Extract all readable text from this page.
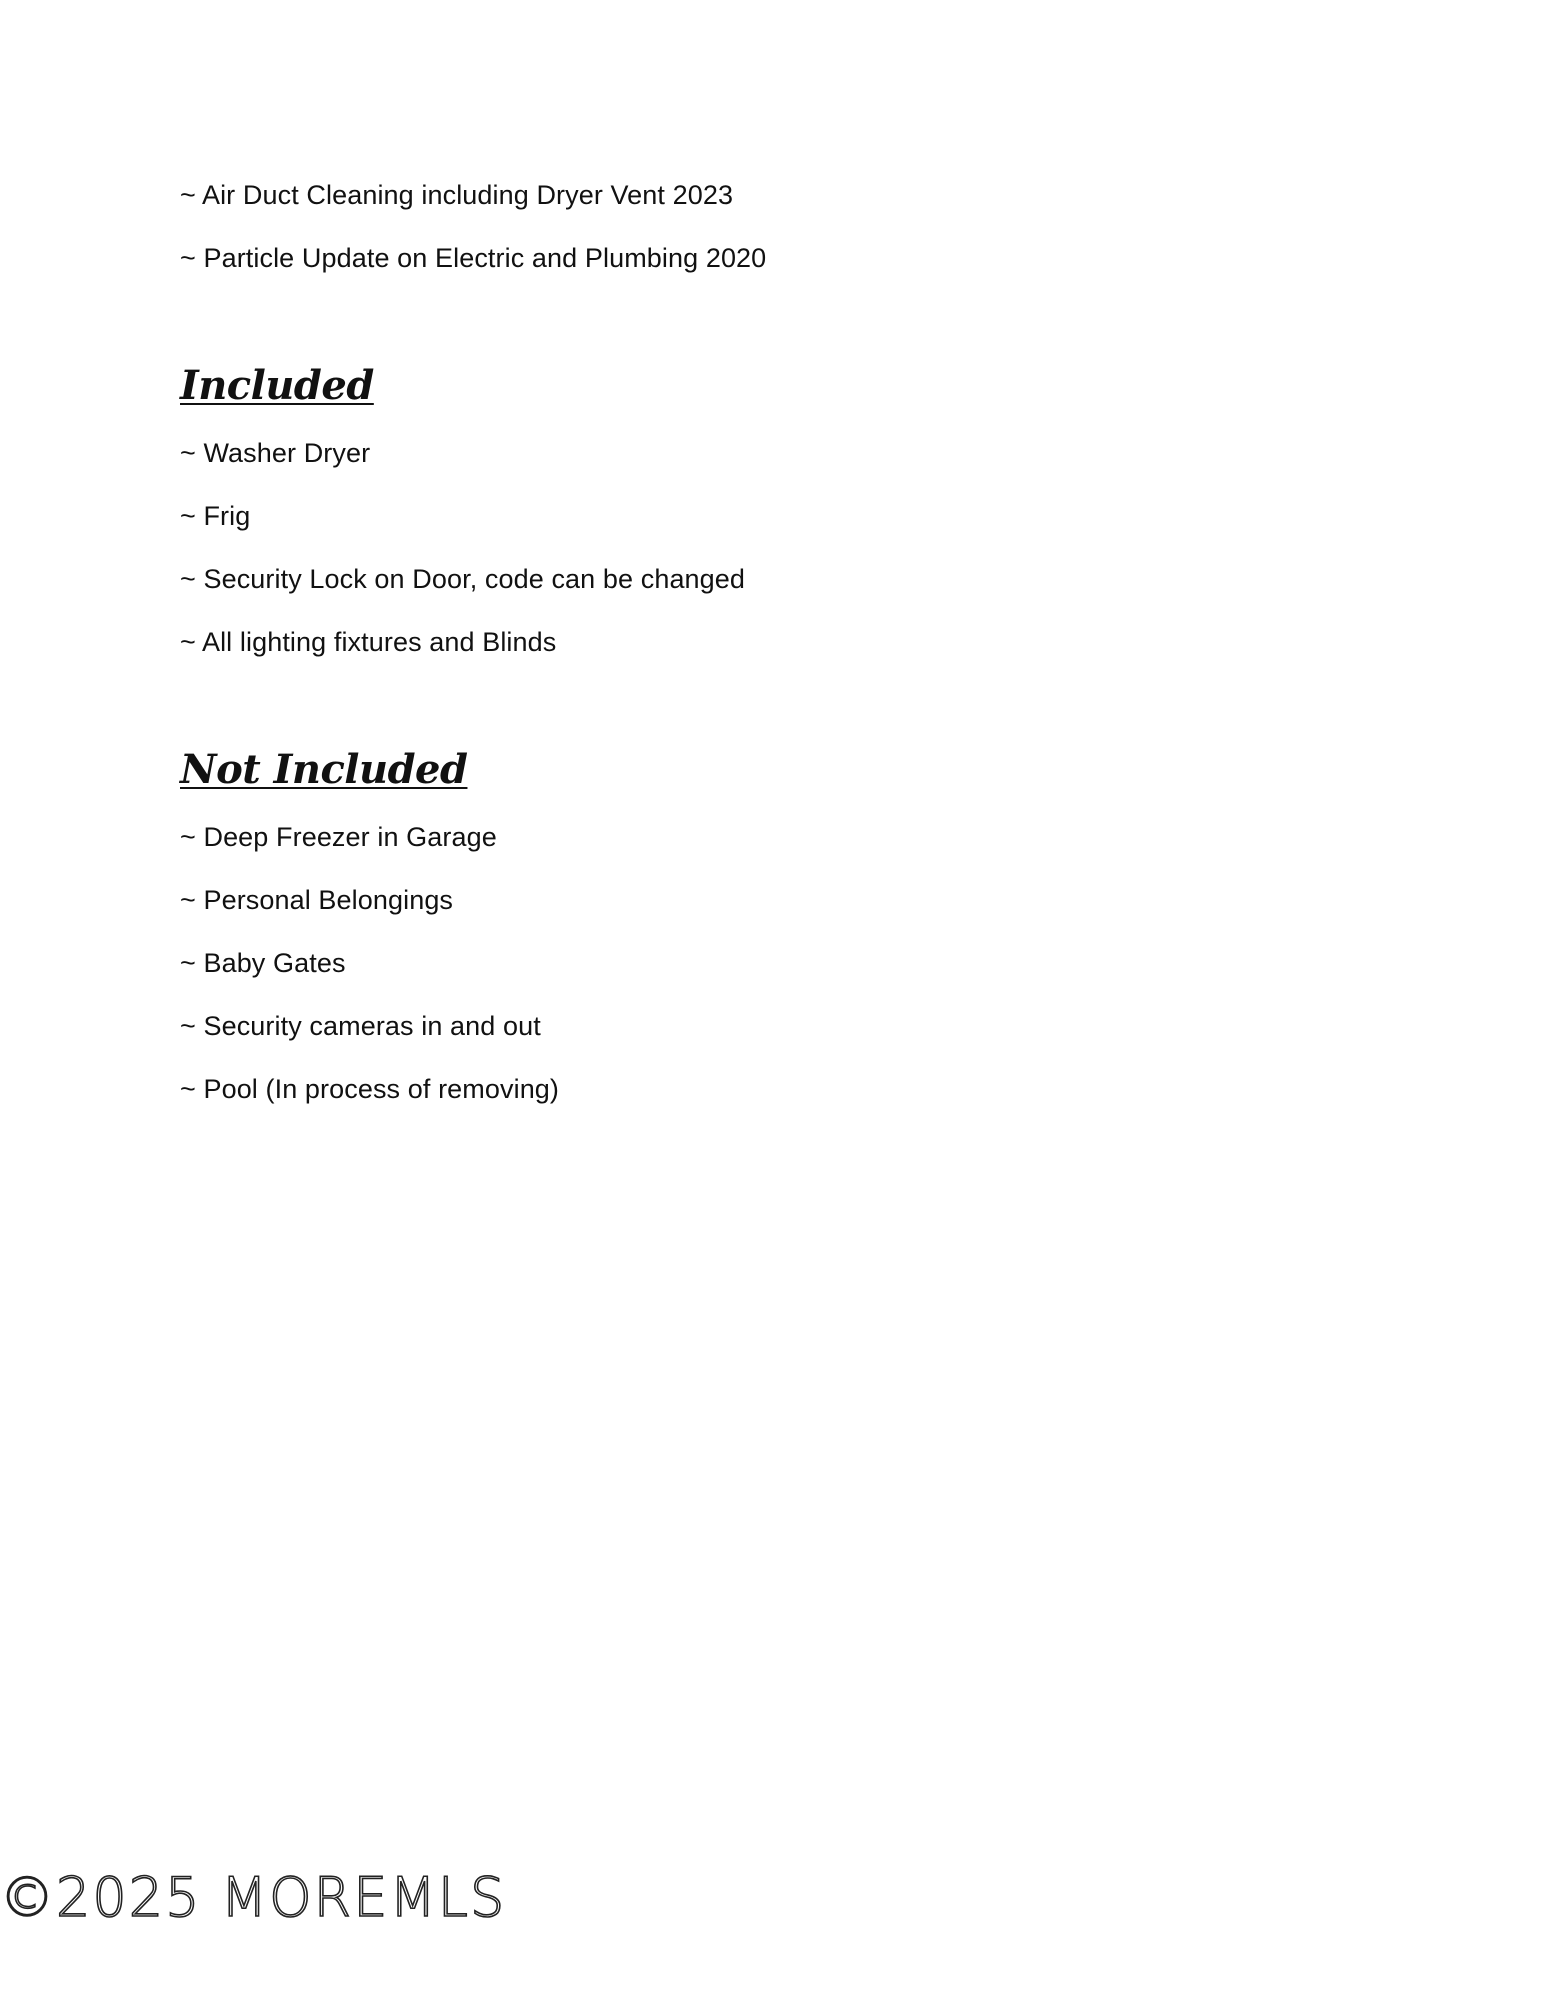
~ Air Duct Cleaning including Dryer Vent 2023
~ Particle Update on Electric and Plumbing 2020
Included
~ Washer Dryer
~ Frig
~ Security Lock on Door, code can be changed
~ All lighting fixtures and Blinds
Not Included
~ Deep Freezer in Garage
~ Personal Belongings
~ Baby Gates
~ Security cameras in and out
~ Pool (In process of removing)
©2025 MOREMLS
